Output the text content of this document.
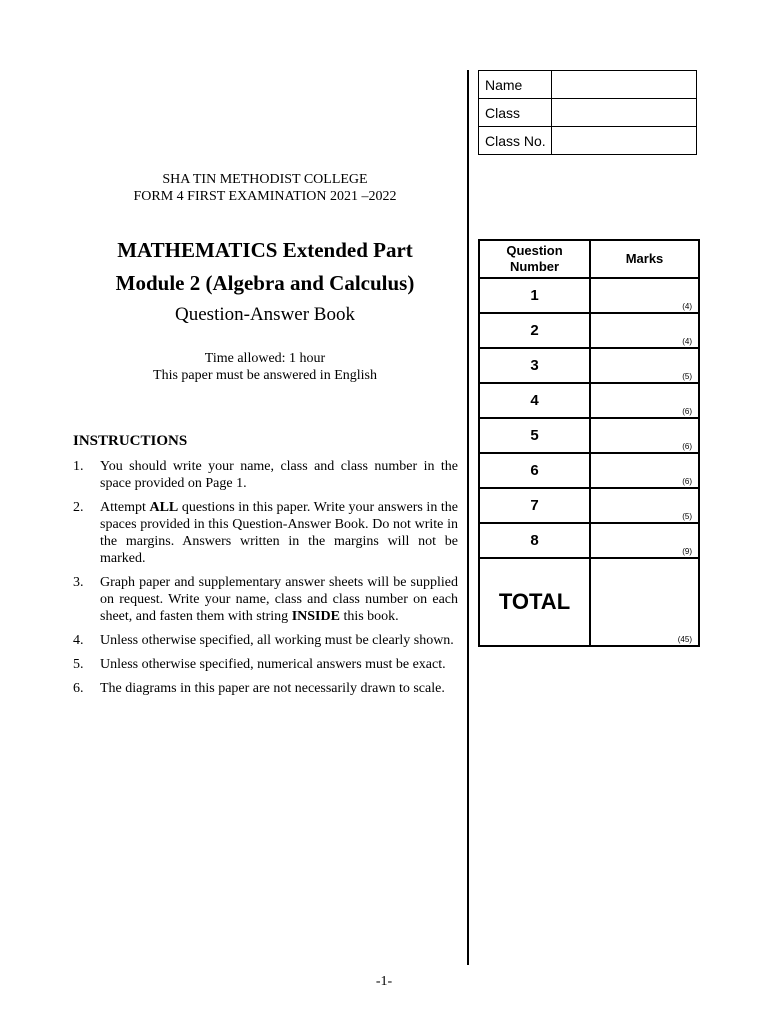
Name	
Class	
Class No.	
SHA TIN METHODIST COLLEGE
FORM 4 FIRST EXAMINATION 2021 –2022
MATHEMATICS Extended Part
Module 2 (Algebra and Calculus)
Question-Answer Book
Time allowed: 1 hour
This paper must be answered in English
INSTRUCTIONS
1. You should write your name, class and class number in the space provided on Page 1.
2. Attempt ALL questions in this paper. Write your answers in the spaces provided in this Question-Answer Book. Do not write in the margins. Answers written in the margins will not be marked.
3. Graph paper and supplementary answer sheets will be supplied on request. Write your name, class and class number on each sheet, and fasten them with string INSIDE this book.
4. Unless otherwise specified, all working must be clearly shown.
5. Unless otherwise specified, numerical answers must be exact.
6. The diagrams in this paper are not necessarily drawn to scale.
Question Number	Marks
1	(4)

2	(4)

3	(5)

4	(6)

5	(6)

6	(6)

7	(5)

8	(9)

TOTAL	(45)
-1-
